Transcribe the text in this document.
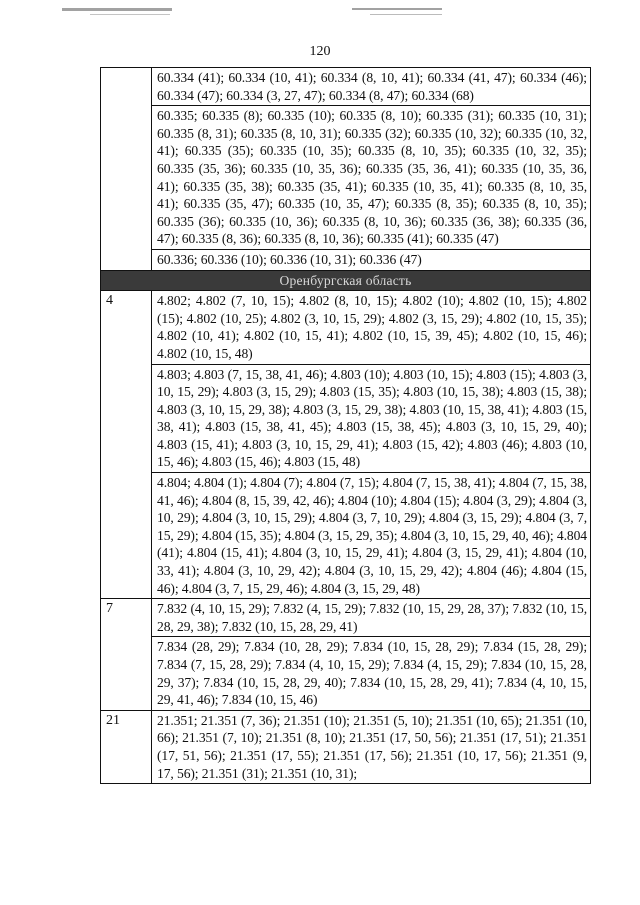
120
	60.334 (41); 60.334 (10, 41); 60.334 (8, 10, 41); 60.334 (41, 47); 60.334 (46); 60.334 (47); 60.334 (3, 27, 47); 60.334 (8, 47); 60.334 (68)
	60.335; 60.335 (8); 60.335 (10); 60.335 (8, 10); 60.335 (31); 60.335 (10, 31); 60.335 (8, 31); 60.335 (8, 10, 31); 60.335 (32); 60.335 (10, 32); 60.335 (10, 32, 41); 60.335 (35); 60.335 (10, 35); 60.335 (8, 10, 35); 60.335 (10, 32, 35); 60.335 (35, 36); 60.335 (10, 35, 36); 60.335 (35, 36, 41); 60.335 (10, 35, 36, 41); 60.335 (35, 38); 60.335 (35, 41); 60.335 (10, 35, 41); 60.335 (8, 10, 35, 41); 60.335 (35, 47); 60.335 (10, 35, 47); 60.335 (8, 35); 60.335 (8, 10, 35); 60.335 (36); 60.335 (10, 36); 60.335 (8, 10, 36); 60.335 (36, 38); 60.335 (36, 47); 60.335 (8, 36); 60.335 (8, 10, 36); 60.335 (41); 60.335 (47)
	60.336; 60.336 (10); 60.336 (10, 31); 60.336 (47)
Оренбургская область	
4	4.802; 4.802 (7, 10, 15); 4.802 (8, 10, 15); 4.802 (10); 4.802 (10, 15); 4.802 (15); 4.802 (10, 25); 4.802 (3, 10, 15, 29); 4.802 (3, 15, 29); 4.802 (10, 15, 35); 4.802 (10, 41); 4.802 (10, 15, 41); 4.802 (10, 15, 39, 45); 4.802 (10, 15, 46); 4.802 (10, 15, 48)
	4.803; 4.803 (7, 15, 38, 41, 46); 4.803 (10); 4.803 (10, 15); 4.803 (15); 4.803 (3, 10, 15, 29); 4.803 (3, 15, 29); 4.803 (15, 35); 4.803 (10, 15, 38); 4.803 (15, 38); 4.803 (3, 10, 15, 29, 38); 4.803 (3, 15, 29, 38); 4.803 (10, 15, 38, 41); 4.803 (15, 38, 41); 4.803 (15, 38, 41, 45); 4.803 (15, 38, 45); 4.803 (3, 10, 15, 29, 40); 4.803 (15, 41); 4.803 (3, 10, 15, 29, 41); 4.803 (15, 42); 4.803 (46); 4.803 (10, 15, 46); 4.803 (15, 46); 4.803 (15, 48)
	4.804; 4.804 (1); 4.804 (7); 4.804 (7, 15); 4.804 (7, 15, 38, 41); 4.804 (7, 15, 38, 41, 46); 4.804 (8, 15, 39, 42, 46); 4.804 (10); 4.804 (15); 4.804 (3, 29); 4.804 (3, 10, 29); 4.804 (3, 10, 15, 29); 4.804 (3, 7, 10, 29); 4.804 (3, 15, 29); 4.804 (3, 7, 15, 29); 4.804 (15, 35); 4.804 (3, 15, 29, 35); 4.804 (3, 10, 15, 29, 40, 46); 4.804 (41); 4.804 (15, 41); 4.804 (3, 10, 15, 29, 41); 4.804 (3, 15, 29, 41); 4.804 (10, 33, 41); 4.804 (3, 10, 29, 42); 4.804 (3, 10, 15, 29, 42); 4.804 (46); 4.804 (15, 46); 4.804 (3, 7, 15, 29, 46); 4.804 (3, 15, 29, 48)
7	7.832 (4, 10, 15, 29); 7.832 (4, 15, 29); 7.832 (10, 15, 29, 28, 37); 7.832 (10, 15, 28, 29, 38); 7.832 (10, 15, 28, 29, 41)
	7.834 (28, 29); 7.834 (10, 28, 29); 7.834 (10, 15, 28, 29); 7.834 (15, 28, 29); 7.834 (7, 15, 28, 29); 7.834 (4, 10, 15, 29); 7.834 (4, 15, 29); 7.834 (10, 15, 28, 29, 37); 7.834 (10, 15, 28, 29, 40); 7.834 (10, 15, 28, 29, 41); 7.834 (4, 10, 15, 29, 41, 46); 7.834 (10, 15, 46)
21	21.351; 21.351 (7, 36); 21.351 (10); 21.351 (5, 10); 21.351 (10, 65); 21.351 (10, 66); 21.351 (7, 10); 21.351 (8, 10); 21.351 (17, 50, 56); 21.351 (17, 51); 21.351 (17, 51, 56); 21.351 (17, 55); 21.351 (17, 56); 21.351 (10, 17, 56); 21.351 (9, 17, 56); 21.351 (31); 21.351 (10, 31);
